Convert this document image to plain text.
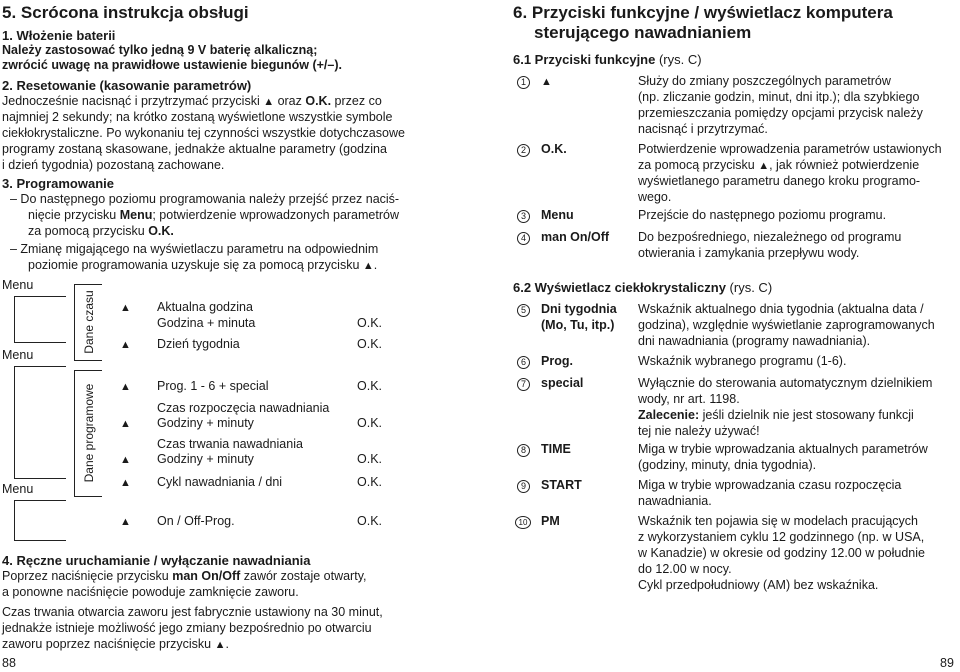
5. Scrócona instrukcja obsługi
1. Włożenie baterii
Należy zastosować tylko jedną 9 V baterię alkaliczną;
zwrócić uwagę na prawidłowe ustawienie biegunów (+/–).
2. Resetowanie (kasowanie parametrów)
Jednocześnie nacisnąć i przytrzymać przyciski ▲ oraz O.K. przez co
najmniej 2 sekundy; na krótko zostaną wyświetlone wszystkie symbole
ciekłokrystaliczne. Po wykonaniu tej czynności wszystkie dotychczasowe
programy zostaną skasowane, jednakże aktualne parametry (godzina
i dzień tygodnia) pozostaną zachowane.
3. Programowanie
– Do następnego poziomu programowania należy przejść przez naciś-
nięcie przycisku Menu; potwierdzenie wprowadzonych parametrów
za pomocą przycisku O.K.
– Zmianę migającego na wyświetlaczu parametru na odpowiednim
poziomie programowania uzyskuje się za pomocą przycisku ▲.
Menu
Menu
Menu
Dane czasu
Dane programowe
▲ Aktualna godzina
Godzina + minuta	O.K.
▲ Dzień tygodnia	O.K.
▲ Prog. 1 - 6 + special	O.K.
Czas rozpoczęcia nawadniania
▲ Godziny + minuty	O.K.
Czas trwania nawadniania
▲ Godziny + minuty	O.K.
▲ Cykl nawadniania / dni	O.K.
▲ On / Off-Prog.	O.K.
4. Ręczne uruchamianie / wyłączanie nawadniania
Poprzez naciśnięcie przycisku man On/Off zawór zostaje otwarty,
a ponowne naciśnięcie powoduje zamknięcie zaworu.
Czas trwania otwarcia zaworu jest fabrycznie ustawiony na 30 minut,
jednakże istnieje możliwość jego zmiany bezpośrednio po otwarciu
zaworu poprzez naciśnięcie przycisku ▲.
88
6. Przyciski funkcyjne / wyświetlacz komputera
sterującego nawadnianiem
6.1 Przyciski funkcyjne (rys. C)
1	▲	Służy do zmiany poszczególnych parametrów
(np. zliczanie godzin, minut, dni itp.); dla szybkiego
przemieszczania pomiędzy opcjami przycisk należy
nacisnąć i przytrzymać.
2	O.K.	Potwierdzenie wprowadzenia parametrów ustawionych
za pomocą przycisku ▲, jak również potwierdzenie
wyświetlanego parametru danego kroku programo-
wego.
3	Menu	Przejście do następnego poziomu programu.
4	man On/Off Do bezpośredniego, niezależnego od programu
otwierania i zamykania przepływu wody.
6.2 Wyświetlacz ciekłokrystaliczny (rys. C)
5	Dni tygodnia
(Mo, Tu, itp.)
Wskaźnik aktualnego dnia tygodnia (aktualna data /
godzina), względnie wyświetlanie zaprogramowanych
dni nawadniania (programy nawadniania).
6	Prog.	Wskaźnik wybranego programu (1-6).
7	special	Wyłącznie do sterowania automatycznym dzielnikiem
wody, nr art. 1198.
Zalecenie: jeśli dzielnik nie jest stosowany funkcji
tej nie należy używać!
8	TIME	Miga w trybie wprowadzania aktualnych parametrów
(godziny, minuty, dnia tygodnia).
9	START	Miga w trybie wprowadzania czasu rozpoczęcia
nawadniania.
10 PM	Wskaźnik ten pojawia się w modelach pracujących
z wykorzystaniem cyklu 12 godzinnego (np. w USA,
w Kanadzie) w okresie od godziny 12.00 w południe
do 12.00 w nocy.
Cykl przedpołudniowy (AM) bez wskaźnika.
89
